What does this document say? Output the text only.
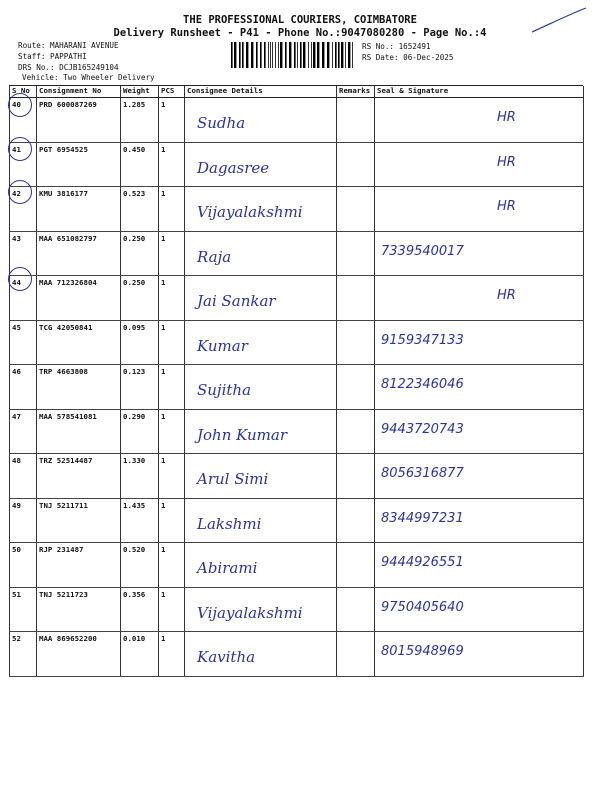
THE PROFESSIONAL COURIERS, COIMBATORE
Delivery Runsheet - P41 - Phone No.:9047080280 - Page No.:4
Route: MAHARANI AVENUE
Staff: PAPPATHI
DRS No.: DCJB165249104
RS No.: 1652491
RS Date: 06-Dec-2025
Vehicle: Two Wheeler Delivery
S No	Consignment No	Weight	PCS	Consignee Details	Remarks	Seal & Signature
40	PRD 600087269	1.285	1	Sudha		HR
41	PGT 6954525	0.450	1	Dagasree		HR
42	KMU 3816177	0.523	1	Vijayalakshmi		HR
43	MAA 651082797	0.250	1	Raja		7339540017
44	MAA 712326804	0.250	1	Jai Sankar		HR
45	TCG 42050841	0.095	1	Kumar		9159347133
46	TRP 4663808	0.123	1	Sujitha		8122346046
47	MAA 578541081	0.290	1	John Kumar		9443720743
48	TRZ 52514487	1.330	1	Arul Simi		8056316877
49	TNJ 5211711	1.435	1	Lakshmi		8344997231
50	RJP 231487	0.520	1	Abirami		9444926551
51	TNJ 5211723	0.356	1	Vijayalakshmi		9750405640
52	MAA 869652200	0.010	1	Kavitha		8015948969
